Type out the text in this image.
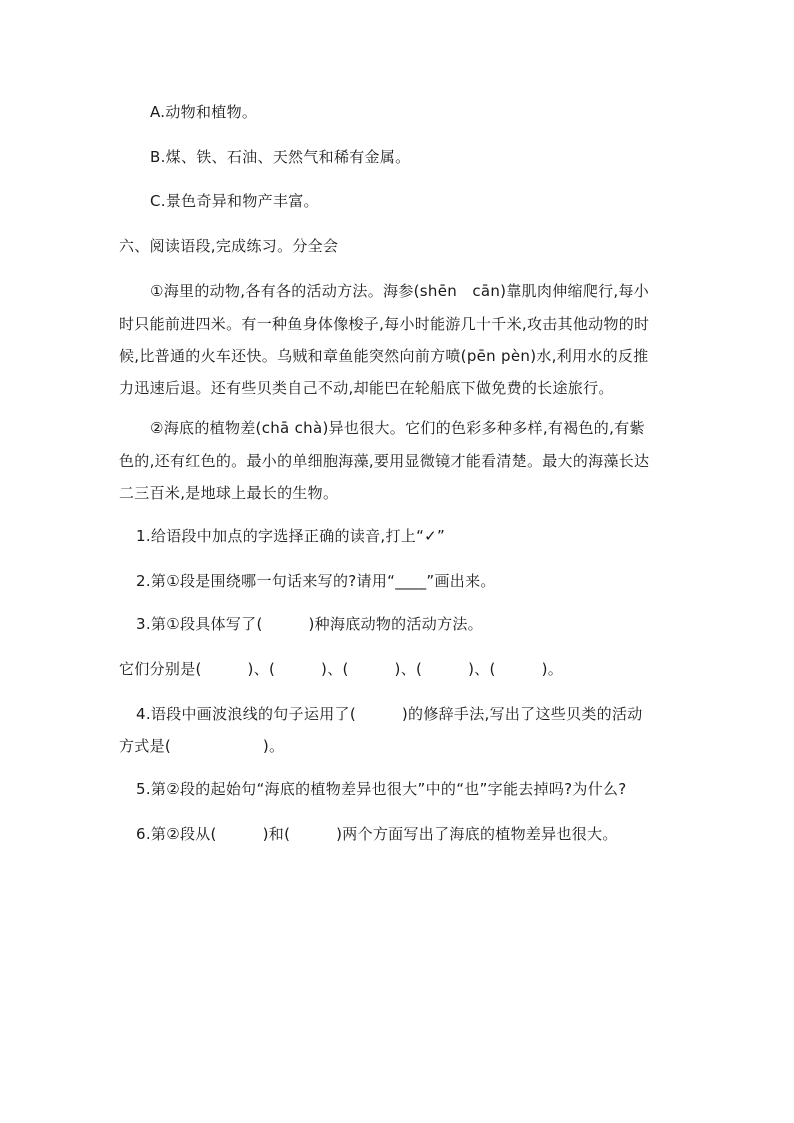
A.动物和植物。
B.煤、铁、石油、天然气和稀有金属。
C.景色奇异和物产丰富。
六、阅读语段,完成练习。分全会
①海里的动物,各有各的活动方法。海参(shēn　cān)靠肌肉伸缩爬行,每小
时只能前进四米。有一种鱼身体像梭子,每小时能游几十千米,攻击其他动物的时
候,比普通的火车还快。乌贼和章鱼能突然向前方喷(pēn pèn)水,利用水的反推
力迅速后退。还有些贝类自己不动,却能巴在轮船底下做免费的长途旅行。
②海底的植物差(chā chà)异也很大。它们的色彩多种多样,有褐色的,有紫
色的,还有红色的。最小的单细胞海藻,要用显微镜才能看清楚。最大的海藻长达
二三百米,是地球上最长的生物。
1.给语段中加点的字选择正确的读音,打上“✓”
2.第①段是围绕哪一句话来写的?请用“____”画出来。
3.第①段具体写了(　　　)种海底动物的活动方法。
它们分别是(　　　)、(　　　)、(　　　)、(　　　)、(　　　)。
4.语段中画波浪线的句子运用了(　　　)的修辞手法,写出了这些贝类的活动
方式是(　　　　　　)。
5.第②段的起始句“海底的植物差异也很大”中的“也”字能去掉吗?为什么?
6.第②段从(　　　)和(　　　)两个方面写出了海底的植物差异也很大。
